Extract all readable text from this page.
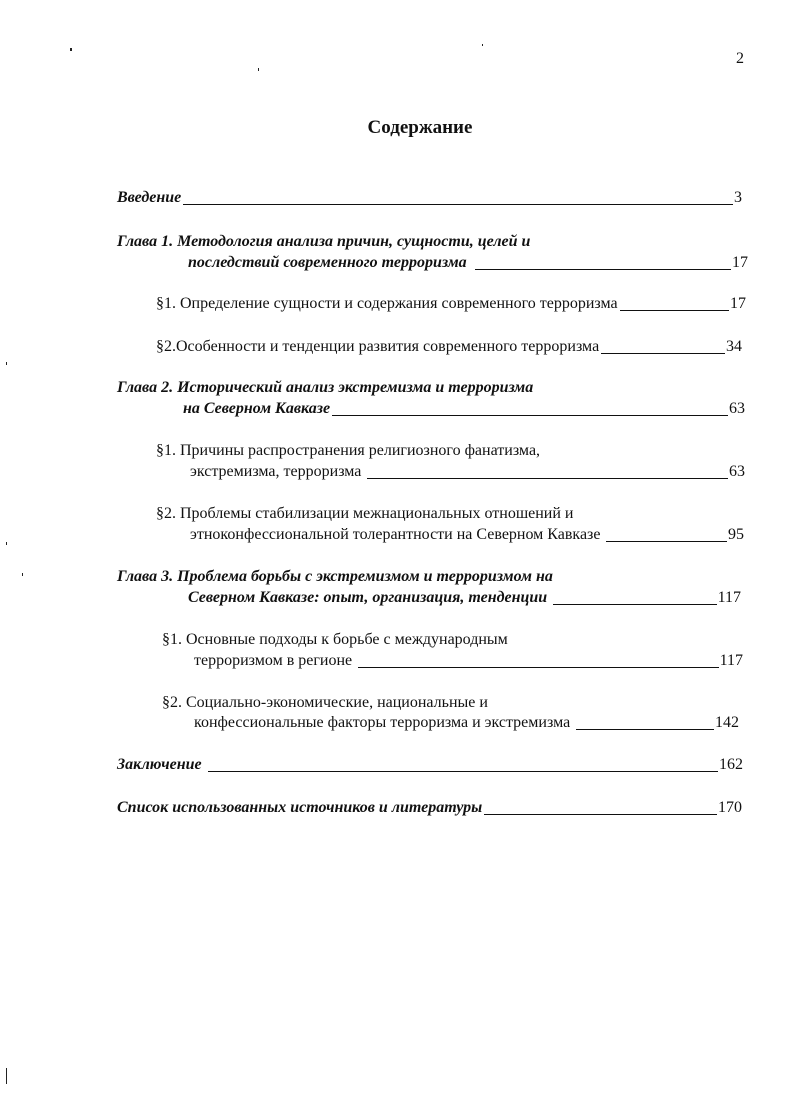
2
Содержание
Введение	3
Глава 1. Методология анализа причин, сущности, целей и
последствий современного терроризма	17
§1. Определение сущности и содержания современного терроризма	17
§2.Особенности и тенденции развития современного терроризма	34
Глава 2. Исторический анализ экстремизма и терроризма
на Северном Кавказе	63
§1. Причины распространения религиозного фанатизма,
экстремизма, терроризма	63
§2. Проблемы стабилизации межнациональных отношений и
этноконфессиональной толерантности на Северном Кавказе	95
Глава 3. Проблема борьбы с экстремизмом и терроризмом на
Северном Кавказе: опыт, организация, тенденции	117
§1. Основные подходы к борьбе с международным
терроризмом в регионе	117
§2. Социально-экономические, национальные и
конфессиональные факторы терроризма и экстремизма	142
Заключение	162
Список использованных источников и литературы	170
